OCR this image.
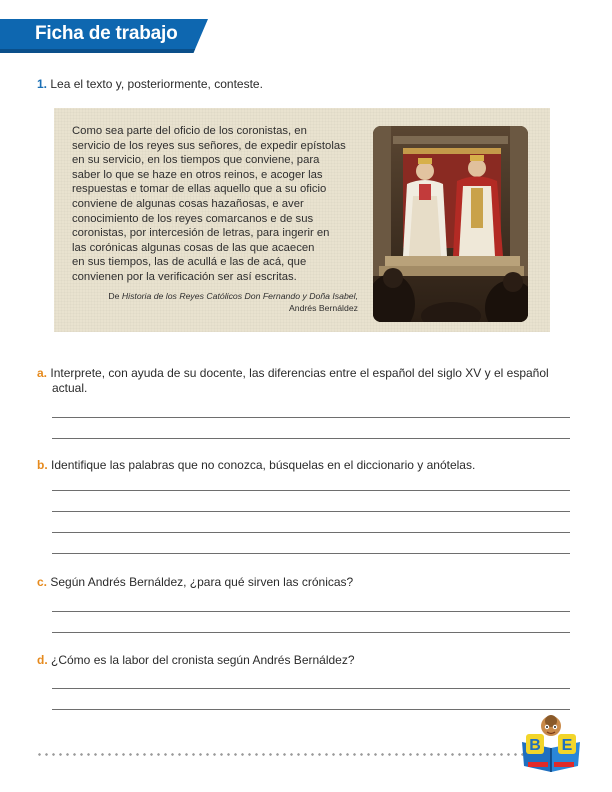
Ficha de trabajo
1. Lea el texto y, posteriormente, conteste.
Como sea parte del oficio de los coronistas, en
servicio de los reyes sus señores, de expedir epístolas
en su servicio, en los tiempos que conviene, para
saber lo que se haze en otros reinos, e acoger las
respuestas e tomar de ellas aquello que a su oficio
conviene de algunas cosas hazañosas, e aver
conocimiento de los reyes comarcanos e de sus
coronistas, por intercesión de letras, para ingerir en
las corónicas algunas cosas de las que acaecen
en sus tiempos, las de acullá e las de acá, que
convienen por la verificación ser así escritas.
De Historia de los Reyes Católicos Don Fernando y Doña Isabel,
Andrés Bernáldez
a. Interprete, con ayuda de su docente, las diferencias entre el español del siglo XV y el español
actual.
b. Identifique las palabras que no conozca, búsquelas en el diccionario y anótelas.
c. Según Andrés Bernáldez, ¿para qué sirven las crónicas?
d. ¿Cómo es la labor del cronista según Andrés Bernáldez?
B E
